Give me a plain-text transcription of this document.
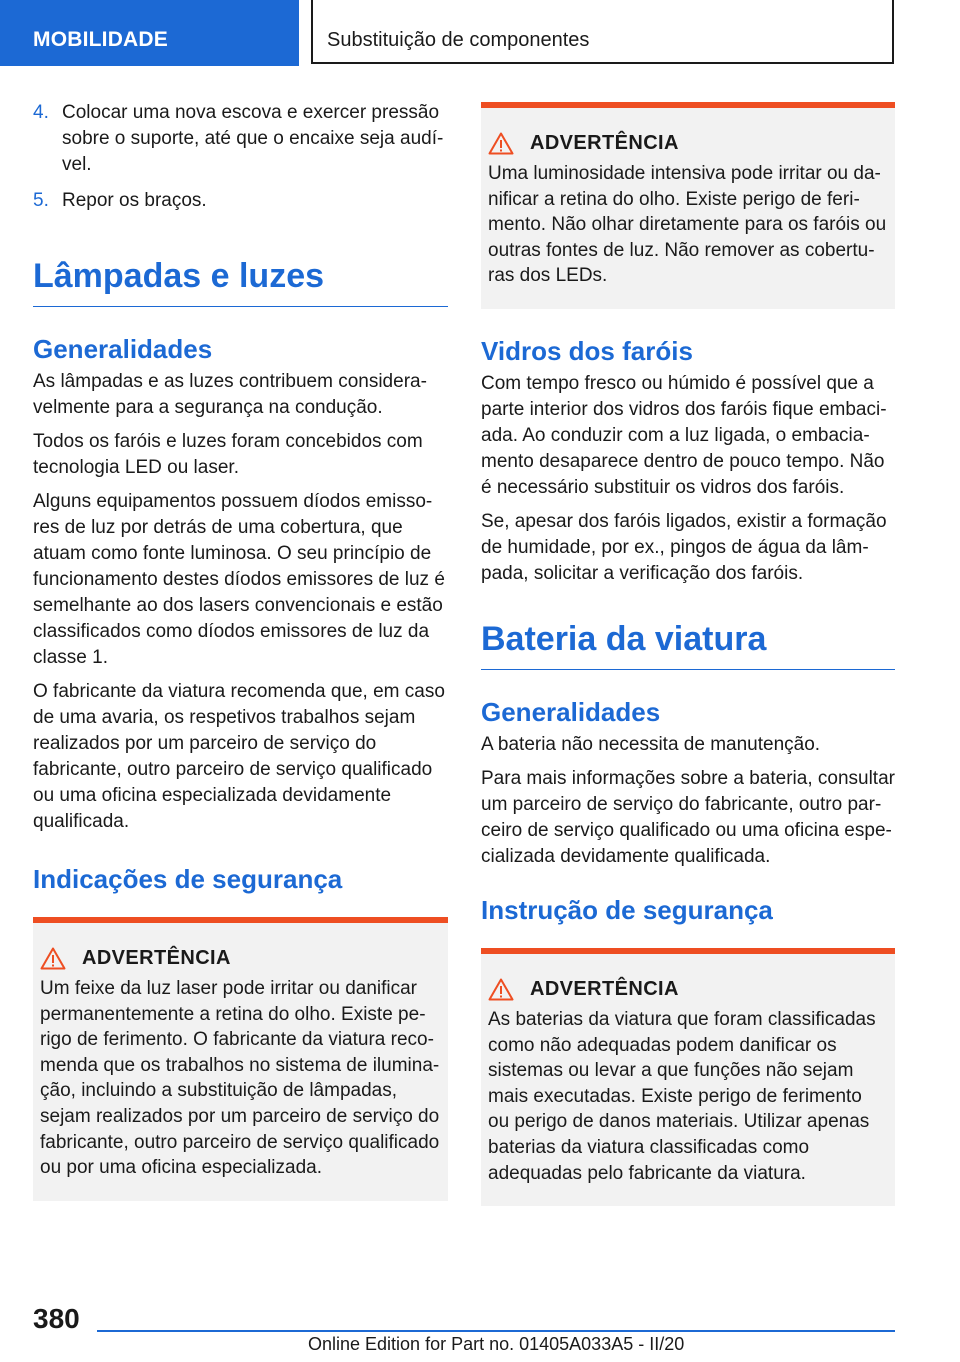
MOBILIDADE	Substituição de componentes
4. Colocar uma nova escova e exercer pressão sobre o suporte, até que o encaixe seja audível.
5. Repor os braços.
Lâmpadas e luzes
Generalidades

As lâmpadas e as luzes contribuem consideravelmente para a segurança na condução.

Todos os faróis e luzes foram concebidos com tecnologia LED ou laser.

Alguns equipamentos possuem díodos emissores de luz por detrás de uma cobertura, que atuam como fonte luminosa. O seu princípio de funcionamento destes díodos emissores de luz é semelhante ao dos lasers convencionais e estão classificados como díodos emissores de luz da classe 1.

O fabricante da viatura recomenda que, em caso de uma avaria, os respetivos trabalhos sejam realizados por um parceiro de serviço do fabricante, outro parceiro de serviço qualificado ou uma oficina especializada devidamente qualificada.

Indicações de segurança
ADVERTÊNCIA

Um feixe da luz laser pode irritar ou danificar permanentemente a retina do olho. Existe perigo de ferimento. O fabricante da viatura recomenda que os trabalhos no sistema de iluminação, incluindo a substituição de lâmpadas, sejam realizados por um parceiro de serviço do fabricante, outro parceiro de serviço qualificado ou por uma oficina especializada.

ADVERTÊNCIA

Uma luminosidade intensiva pode irritar ou danificar a retina do olho. Existe perigo de ferimento. Não olhar diretamente para os faróis ou outras fontes de luz. Não remover as coberturas dos LEDs.

Vidros dos faróis

Com tempo fresco ou húmido é possível que a parte interior dos vidros dos faróis fique embaciada. Ao conduzir com a luz ligada, o embaciamento desaparece dentro de pouco tempo. Não é necessário substituir os vidros dos faróis.

Se, apesar dos faróis ligados, existir a formação de humidade, por ex., pingos de água da lâmpada, solicitar a verificação dos faróis.

Bateria da viatura
Generalidades

A bateria não necessita de manutenção.

Para mais informações sobre a bateria, consultar um parceiro de serviço do fabricante, outro parceiro de serviço qualificado ou uma oficina especializada devidamente qualificada.

Instrução de segurança
ADVERTÊNCIA

As baterias da viatura que foram classificadas como não adequadas podem danificar os sistemas ou levar a que funções não sejam mais executadas. Existe perigo de ferimento ou perigo de danos materiais. Utilizar apenas baterias da viatura classificadas como adequadas pelo fabricante da viatura.

380
Online Edition for Part no. 01405A033A5 - II/20
